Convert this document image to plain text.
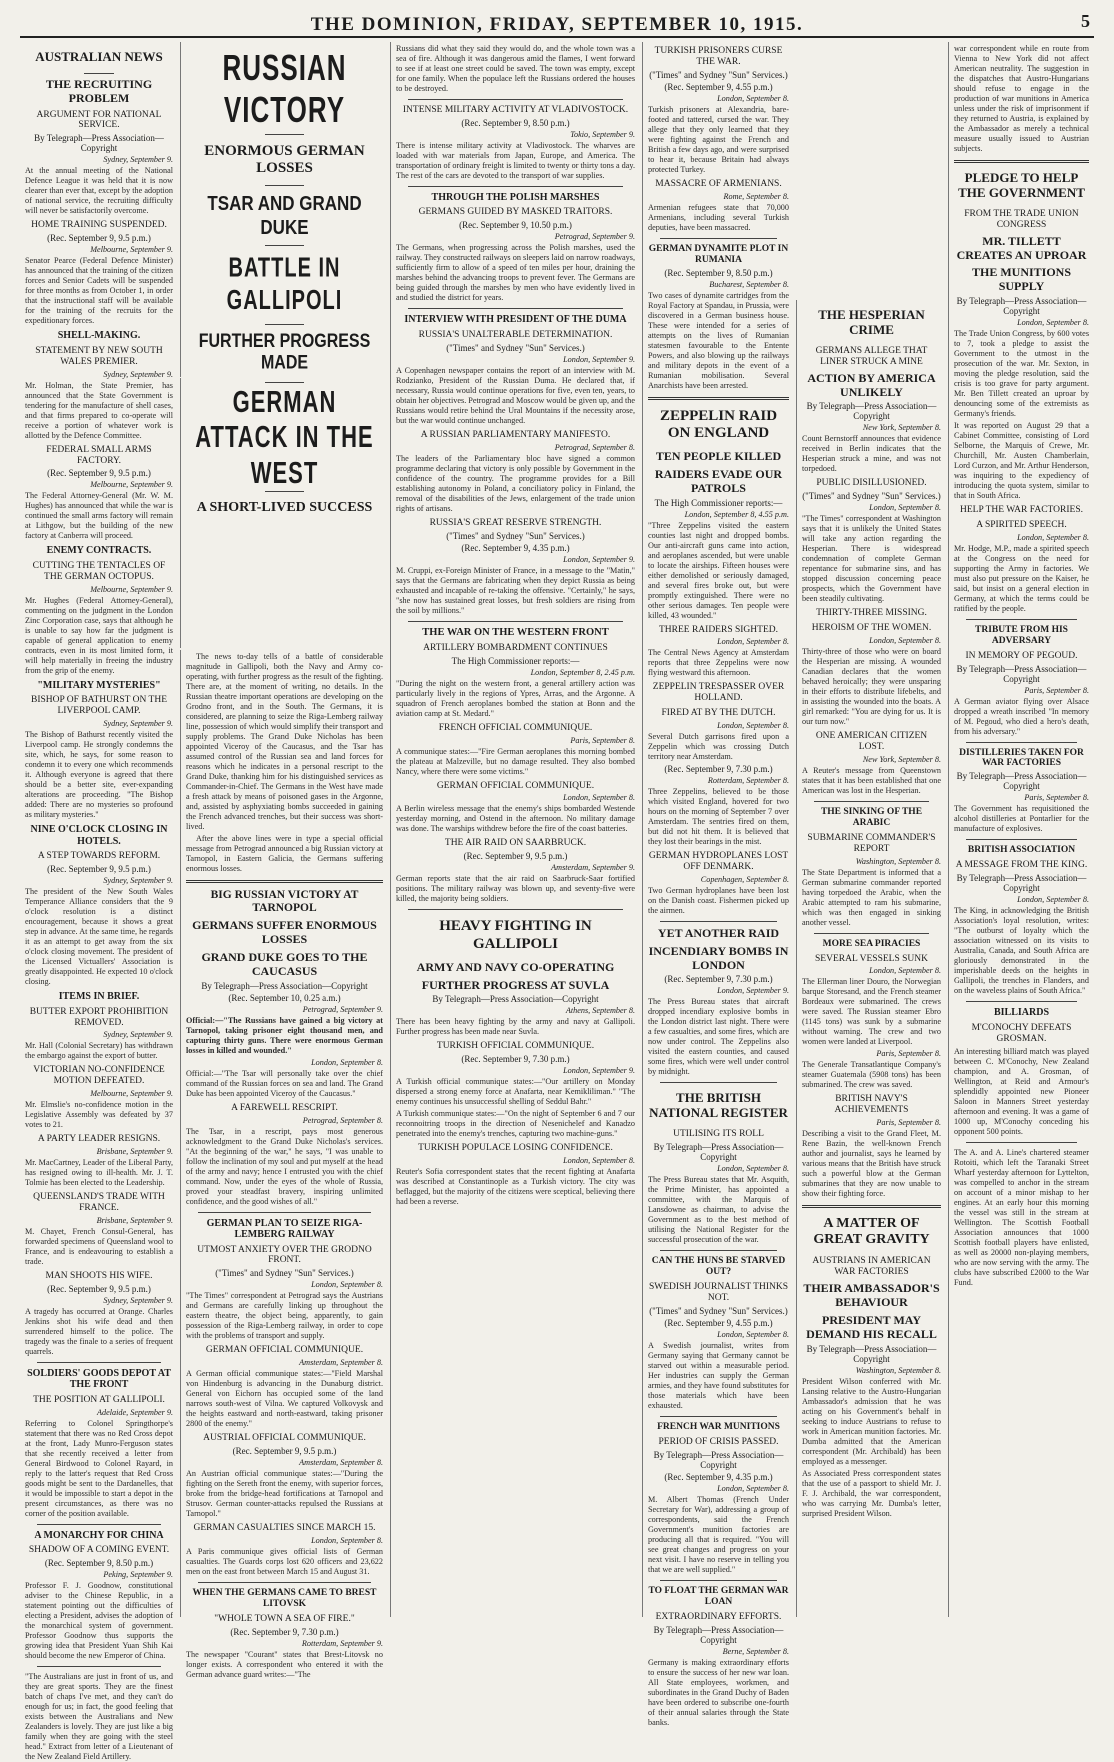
THE DOMINION, FRIDAY, SEPTEMBER 10, 1915.	5
AUSTRALIAN NEWS
THE RECRUITING PROBLEM
ARGUMENT FOR NATIONAL SERVICE.
By Telegraph—Press Association—Copyright
Sydney, September 9.

At the annual meeting of the National Defence League it was held that it is now clearer than ever that, except by the adoption of national service, the recruiting difficulty will never be satisfactorily overcome.

HOME TRAINING SUSPENDED.
(Rec. September 9, 9.5 p.m.)
Melbourne, September 9.

Senator Pearce (Federal Defence Minister) has announced that the training of the citizen forces and Senior Cadets will be suspended for three months as from October 1, in order that the instructional staff will be available for the training of the recruits for the expeditionary forces.

SHELL-MAKING.
STATEMENT BY NEW SOUTH WALES PREMIER.
Sydney, September 9.

Mr. Holman, the State Premier, has announced that the State Government is tendering for the manufacture of shell cases, and that firms prepared to co-operate will receive a portion of whatever work is allotted by the Defence Committee.

FEDERAL SMALL ARMS FACTORY.
(Rec. September 9, 9.5 p.m.)
Melbourne, September 9.

The Federal Attorney-General (Mr. W. M. Hughes) has announced that while the war is continued the small arms factory will remain at Lithgow, but the building of the new factory at Canberra will proceed.

ENEMY CONTRACTS.
CUTTING THE TENTACLES OF THE GERMAN OCTOPUS.
Melbourne, September 9.

Mr. Hughes (Federal Attorney-General), commenting on the judgment in the London Zinc Corporation case, says that although he is unable to say how far the judgment is capable of general application to enemy contracts, even in its most limited form, it will help materially in freeing the industry from the grip of the enemy.

"MILITARY MYSTERIES"
BISHOP OF BATHURST ON THE LIVERPOOL CAMP.
Sydney, September 9.

The Bishop of Bathurst recently visited the Liverpool camp. He strongly condemns the site, which, he says, for some reason to condemn it to every one which recommends it. Although everyone is agreed that there should be a better site, ever-expanding alterations are proceeding. "The Bishop added: There are no mysteries so profound as military mysteries."

NINE O'CLOCK CLOSING IN HOTELS.
A STEP TOWARDS REFORM.
(Rec. September 9, 9.5 p.m.)
Sydney, September 9.

The president of the New South Wales Temperance Alliance considers that the 9 o'clock resolution is a distinct encouragement, because it shows a great step in advance. At the same time, he regards it as an attempt to get away from the six o'clock closing movement. The president of the Licensed Victuallers' Association is greatly disappointed. He expected 10 o'clock closing.

ITEMS IN BRIEF.
BUTTER EXPORT PROHIBITION REMOVED.
Sydney, September 9.

Mr. Hall (Colonial Secretary) has withdrawn the embargo against the export of butter.

VICTORIAN NO-CONFIDENCE MOTION DEFEATED.
Melbourne, September 9.

Mr. Elmslie's no-confidence motion in the Legislative Assembly was defeated by 37 votes to 21.

A PARTY LEADER RESIGNS.
Brisbane, September 9.

Mr. MacCartney, Leader of the Liberal Party, has resigned owing to ill-health. Mr. J. T. Tolmie has been elected to the Leadership.

QUEENSLAND'S TRADE WITH FRANCE.
Brisbane, September 9.

M. Chayet, French Consul-General, has forwarded specimens of Queensland wool to France, and is endeavouring to establish a trade.

MAN SHOOTS HIS WIFE.
(Rec. September 9, 9.5 p.m.)
Sydney, September 9.

A tragedy has occurred at Orange. Charles Jenkins shot his wife dead and then surrendered himself to the police. The tragedy was the finale to a series of frequent quarrels.

SOLDIERS' GOODS DEPOT AT THE FRONT
THE POSITION AT GALLIPOLI.
Adelaide, September 9.

Referring to Colonel Springthorpe's statement that there was no Red Cross depot at the front, Lady Munro-Ferguson states that she recently received a letter from General Birdwood to Colonel Rayard, in reply to the latter's request that Red Cross goods might be sent to the Dardanelles, that it would be impossible to start a depot in the present circumstances, as there was no corner of the position available.

A MONARCHY FOR CHINA
SHADOW OF A COMING EVENT.
(Rec. September 9, 8.50 p.m.)
Peking, September 9.

Professor F. J. Goodnow, constitutional adviser to the Chinese Republic, in a statement pointing out the difficulties of electing a President, advises the adoption of the monarchical system of government. Professor Goodnow thus supports the growing idea that President Yuan Shih Kai should become the new Emperor of China.

"The Australians are just in front of us, and they are great sports. They are the finest batch of chaps I've met, and they can't do enough for us; in fact, the good feeling that exists between the Australians and New Zealanders is lovely. They are just like a big family when they are going with the steel head." Extract from letter of a Lieutenant of the New Zealand Field Artillery.

RUSSIAN VICTORY
ENORMOUS GERMAN LOSSES
TSAR AND GRAND DUKE
BATTLE IN GALLIPOLI
FURTHER PROGRESS MADE
GERMAN ATTACK IN THE WEST
A SHORT-LIVED SUCCESS

Russians did what they said they would do, and the whole town was a sea of fire. Although it was dangerous amid the flames, I went forward to see if at least one street could be saved. The town was empty, except for one family. When the populace left the Russians ordered the houses to be destroyed.

INTENSE MILITARY ACTIVITY AT VLADIVOSTOCK.
(Rec. September 9, 8.50 p.m.)
Tokio, September 9.

There is intense military activity at Vladivostock. The wharves are loaded with war materials from Japan, Europe, and America. The transportation of ordinary freight is limited to twenty or thirty tons a day. The rest of the cars are devoted to the transport of war supplies.

THROUGH THE POLISH MARSHES
GERMANS GUIDED BY MASKED TRAITORS.
(Rec. September 9, 10.50 p.m.)
Petrograd, September 9.

The Germans, when progressing across the Polish marshes, used the railway. They constructed railways on sleepers laid on narrow roadways, sufficiently firm to allow of a speed of ten miles per hour, draining the marshes behind the advancing troops to prevent fever. The Germans are being guided through the marshes by men who have evidently lived in and studied the district for years.

INTERVIEW WITH PRESIDENT OF THE DUMA
RUSSIA'S UNALTERABLE DETERMINATION.
("Times" and Sydney "Sun" Services.)
London, September 9.

A Copenhagen newspaper contains the report of an interview with M. Rodzianko, President of the Russian Duma. He declared that, if necessary, Russia would continue operations for five, even ten, years, to obtain her objectives. Petrograd and Moscow would be given up, and the Russians would retire behind the Ural Mountains if the necessity arose, but the war would continue unchanged.

A RUSSIAN PARLIAMENTARY MANIFESTO.
Petrograd, September 8.

The leaders of the Parliamentary bloc have signed a common programme declaring that victory is only possible by Government in the confidence of the country. The programme provides for a Bill establishing autonomy in Poland, a conciliatory policy in Finland, the removal of the disabilities of the Jews, enlargement of the trade union rights of artisans.

RUSSIA'S GREAT RESERVE STRENGTH.
("Times" and Sydney "Sun" Services.)
(Rec. September 9, 4.35 p.m.)
London, September 9.

M. Cruppi, ex-Foreign Minister of France, in a message to the "Matin," says that the Germans are fabricating when they depict Russia as being exhausted and incapable of re-taking the offensive. "Certainly," he says, "she now has sustained great losses, but fresh soldiers are rising from the soil by millions."

THE WAR ON THE WESTERN FRONT
ARTILLERY BOMBARDMENT CONTINUES
The High Commissioner reports:—
London, September 8, 2.45 p.m.

"During the night on the western front, a general artillery action was particularly lively in the regions of Ypres, Arras, and the Argonne. A squadron of French aeroplanes bombed the station at Bonn and the aviation camp at St. Medard."

FRENCH OFFICIAL COMMUNIQUE.
Paris, September 8.

A communique states:—"Fire German aeroplanes this morning bombed the plateau at Malzeville, but no damage resulted. They also bombed Nancy, where there were some victims."

GERMAN OFFICIAL COMMUNIQUE.
London, September 8.

A Berlin wireless message that the enemy's ships bombarded Westende yesterday morning, and Ostend in the afternoon. No military damage was done. The warships withdrew before the fire of the coast batteries.

THE AIR RAID ON SAARBRUCK.
(Rec. September 9, 9.5 p.m.)
Amsterdam, September 9.

German reports state that the air raid on Saarbruck-Saar fortified positions. The military railway was blown up, and seventy-five were killed, the majority being soldiers.

HEAVY FIGHTING IN GALLIPOLI
ARMY AND NAVY CO-OPERATING
FURTHER PROGRESS AT SUVLA
By Telegraph—Press Association—Copyright
Athens, September 8.

There has been heavy fighting by the army and navy at Gallipoli. Further progress has been made near Suvla.

TURKISH OFFICIAL COMMUNIQUE.
(Rec. September 9, 7.30 p.m.)
London, September 9.

A Turkish official communique states:—"Our artillery on Monday dispersed a strong enemy force at Anafarta, near Kemikliliman." "The enemy continues his unsuccessful shelling of Seddul Bahr."

A Turkish communique states:—"On the night of September 6 and 7 our reconnoitring troops in the direction of Nesenichelef and Kanadzo penetrated into the enemy's trenches, capturing two machine-guns."

TURKISH POPULACE LOSING CONFIDENCE.
London, September 8.

Reuter's Sofia correspondent states that the recent fighting at Anafarta was described at Constantinople as a Turkish victory. The city was beflagged, but the majority of the citizens were sceptical, believing there had been a reverse.

The news to-day tells of a battle of considerable magnitude in Gallipoli, both the Navy and Army co-operating, with further progress as the result of the fighting. There are, at the moment of writing, no details. In the Russian theatre important operations are developing on the Grodno front, and in the South. The Germans, it is considered, are planning to seize the Riga-Lemberg railway line, possession of which would simplify their transport and supply problems. The Grand Duke Nicholas has been appointed Viceroy of the Caucasus, and the Tsar has assumed control of the Russian sea and land forces for reasons which he indicates in a personal rescript to the Grand Duke, thanking him for his distinguished services as Commander-in-Chief. The Germans in the West have made a fresh attack by means of poisoned gases in the Argonne, and, assisted by asphyxiating bombs succeeded in gaining the French advanced trenches, but their success was short-lived.

After the above lines were in type a special official message from Petrograd announced a big Russian victory at Tarnopol, in Eastern Galicia, the Germans suffering enormous losses.

BIG RUSSIAN VICTORY AT TARNOPOL
GERMANS SUFFER ENORMOUS LOSSES
GRAND DUKE GOES TO THE CAUCASUS
By Telegraph—Press Association—Copyright
(Rec. September 10, 0.25 a.m.)
Petrograd, September 9.

Official:—"The Russians have gained a big victory at Tarnopol, taking prisoner eight thousand men, and capturing thirty guns. There were enormous German losses in killed and wounded."

London, September 8.

Official:—"The Tsar will personally take over the chief command of the Russian forces on sea and land. The Grand Duke has been appointed Viceroy of the Caucasus."

A FAREWELL RESCRIPT.
Petrograd, September 8.

The Tsar, in a rescript, pays most generous acknowledgment to the Grand Duke Nicholas's services. "At the beginning of the war," he says, "I was unable to follow the inclination of my soul and put myself at the head of the army and navy; hence I entrusted you with the chief command. Now, under the eyes of the whole of Russia, proved your steadfast bravery, inspiring unlimited confidence, and the good wishes of all."

GERMAN PLAN TO SEIZE RIGA-LEMBERG RAILWAY
UTMOST ANXIETY OVER THE GRODNO FRONT.
("Times" and Sydney "Sun" Services.)
London, September 8.

"The Times" correspondent at Petrograd says the Austrians and Germans are carefully linking up throughout the eastern theatre, the object being, apparently, to gain possession of the Riga-Lemberg railway, in order to cope with the problems of transport and supply.

GERMAN OFFICIAL COMMUNIQUE.
Amsterdam, September 8.

A German official communique states:—"Field Marshal von Hindenburg is advancing in the Dunaburg district. General von Eichorn has occupied some of the land narrows south-west of Vilna. We captured Volkovysk and the heights eastward and north-eastward, taking prisoner 2800 of the enemy."

AUSTRIAL OFFICIAL COMMUNIQUE.
(Rec. September 9, 9.5 p.m.)
Amsterdam, September 8.

An Austrian official communique states:—"During the fighting on the Sereth front the enemy, with superior forces, broke from the bridge-head fortifications at Tarnopol and Strusov. German counter-attacks repulsed the Russians at Tarnopol."

GERMAN CASUALTIES SINCE MARCH 15.
London, September 8.

A Paris communique gives official lists of German casualties. The Guards corps lost 620 officers and 23,622 men on the east front between March 15 and August 31.

WHEN THE GERMANS CAME TO BREST LITOVSK
"WHOLE TOWN A SEA OF FIRE."
(Rec. September 9, 7.30 p.m.)
Rotterdam, September 9.

The newspaper "Courant" states that Brest-Litovsk no longer exists. A correspondent who entered it with the German advance guard writes:—"The

TURKISH PRISONERS CURSE THE WAR.
("Times" and Sydney "Sun" Services.)
(Rec. September 9, 4.55 p.m.)
London, September 8.

Turkish prisoners at Alexandria, bare-footed and tattered, cursed the war. They allege that they only learned that they were fighting against the French and British a few days ago, and were surprised to hear it, because Britain had always protected Turkey.

MASSACRE OF ARMENIANS.
Rome, September 8.

Armenian refugees state that 70,000 Armenians, including several Turkish deputies, have been massacred.

GERMAN DYNAMITE PLOT IN RUMANIA
(Rec. September 9, 8.50 p.m.)
Bucharest, September 8.

Two cases of dynamite cartridges from the Royal Factory at Spandau, in Prussia, were discovered in a German business house. These were intended for a series of attempts on the lives of Rumanian statesmen favourable to the Entente Powers, and also blowing up the railways and military depots in the event of a Rumanian mobilisation. Several Anarchists have been arrested.

ZEPPELIN RAID ON ENGLAND
TEN PEOPLE KILLED
RAIDERS EVADE OUR PATROLS
The High Commissioner reports:—
London, September 8, 4.55 p.m.

"Three Zeppelins visited the eastern counties last night and dropped bombs. Our anti-aircraft guns came into action, and aeroplanes ascended, but were unable to locate the airships. Fifteen houses were either demolished or seriously damaged, and several fires broke out, but were promptly extinguished. There were no other serious damages. Ten people were killed, 43 wounded."

THREE RAIDERS SIGHTED.
London, September 8.

The Central News Agency at Amsterdam reports that three Zeppelins were now flying westward this afternoon.

ZEPPELIN TRESPASSER OVER HOLLAND.
FIRED AT BY THE DUTCH.
London, September 8.

Several Dutch garrisons fired upon a Zeppelin which was crossing Dutch territory near Amsterdam.

(Rec. September 9, 7.30 p.m.)
Rotterdam, September 8.

Three Zeppelins, believed to be those which visited England, hovered for two hours on the morning of September 7 over Amsterdam. The sentries fired on them, but did not hit them. It is believed that they lost their bearings in the mist.

GERMAN HYDROPLANES LOST OFF DENMARK.
Copenhagen, September 8.

Two German hydroplanes have been lost on the Danish coast. Fishermen picked up the airmen.

YET ANOTHER RAID
INCENDIARY BOMBS IN LONDON
(Rec. September 9, 7.30 p.m.)
London, September 9.

The Press Bureau states that aircraft dropped incendiary explosive bombs in the London district last night. There were a few casualties, and some fires, which are now under control. The Zeppelins also visited the eastern counties, and caused some fires, which were well under control by midnight.

THE BRITISH NATIONAL REGISTER
UTILISING ITS ROLL
By Telegraph—Press Association—Copyright
London, September 8.

The Press Bureau states that Mr. Asquith, the Prime Minister, has appointed a committee, with the Marquis of Lansdowne as chairman, to advise the Government as to the best method of utilising the National Register for the successful prosecution of the war.

CAN THE HUNS BE STARVED OUT?
SWEDISH JOURNALIST THINKS NOT.
("Times" and Sydney "Sun" Services.)
(Rec. September 9, 4.55 p.m.)
London, September 8.

A Swedish journalist, writes from Germany saying that Germany cannot be starved out within a measurable period. Her industries can supply the German armies, and they have found substitutes for those materials which have been exhausted.

FRENCH WAR MUNITIONS
PERIOD OF CRISIS PASSED.
By Telegraph—Press Association—Copyright
(Rec. September 9, 4.35 p.m.)
London, September 8.

M. Albert Thomas (French Under Secretary for War), addressing a group of correspondents, said the French Government's munition factories are producing all that is required. "You will see great changes and progress on your next visit. I have no reserve in telling you that we are well supplied."

TO FLOAT THE GERMAN WAR LOAN
EXTRAORDINARY EFFORTS.
By Telegraph—Press Association—Copyright
Berne, September 8.

Germany is making extraordinary efforts to ensure the success of her new war loan. All State employees, workmen, and subordinates in the Grand Duchy of Baden have been ordered to subscribe one-fourth of their annual salaries through the State banks.

THE HESPERIAN CRIME
GERMANS ALLEGE THAT LINER STRUCK A MINE
ACTION BY AMERICA UNLIKELY
By Telegraph—Press Association—Copyright
New York, September 8.

Count Bernstorff announces that evidence received in Berlin indicates that the Hesperian struck a mine, and was not torpedoed.

PUBLIC DISILLUSIONED.
("Times" and Sydney "Sun" Services.)
London, September 8.

"The Times" correspondent at Washington says that it is unlikely the United States will take any action regarding the Hesperian. There is widespread condemnation of complete German repentance for submarine sins, and has stopped discussion concerning peace prospects, which the Government have been steadily cultivating.

THIRTY-THREE MISSING.
HEROISM OF THE WOMEN.
London, September 8.

Thirty-three of those who were on board the Hesperian are missing. A wounded Canadian declares that the women behaved heroically; they were unsparing in their efforts to distribute lifebelts, and in assisting the wounded into the boats. A girl remarked: "You are dying for us. It is our turn now."

ONE AMERICAN CITIZEN LOST.
New York, September 8.

A Reuter's message from Queenstown states that it has been established that one American was lost in the Hesperian.

THE SINKING OF THE ARABIC
SUBMARINE COMMANDER'S REPORT
Washington, September 8.

The State Department is informed that a German submarine commander reported having torpedoed the Arabic, when the Arabic attempted to ram his submarine, which was then engaged in sinking another vessel.

MORE SEA PIRACIES
SEVERAL VESSELS SUNK
London, September 8.

The Ellerman liner Douro, the Norwegian barque Storesand, and the French steamer Bordeaux were submarined. The crews were saved. The Russian steamer Ebro (1145 tons) was sunk by a submarine without warning. The crew and two women were landed at Liverpool.

Paris, September 8.

The Generale Transatlantique Company's steamer Guatemala (5908 tons) has been submarined. The crew was saved.

BRITISH NAVY'S ACHIEVEMENTS
Paris, September 8.

Describing a visit to the Grand Fleet, M. Rene Bazin, the well-known French author and journalist, says he learned by various means that the British have struck such a powerful blow at the German submarines that they are now unable to show their fighting force.

A MATTER OF GREAT GRAVITY
AUSTRIANS IN AMERICAN WAR FACTORIES
THEIR AMBASSADOR'S BEHAVIOUR
PRESIDENT MAY DEMAND HIS RECALL
By Telegraph—Press Association—Copyright
Washington, September 8.

President Wilson conferred with Mr. Lansing relative to the Austro-Hungarian Ambassador's admission that he was acting on his Government's behalf in seeking to induce Austrians to refuse to work in American munition factories. Mr. Dumba admitted that the American correspondent (Mr. Archibald) has been employed as a messenger.

As Associated Press correspondent states that the use of a passport to shield Mr. J. F. J. Archibald, the war correspondent, who was carrying Mr. Dumba's letter, surprised President Wilson.

war correspondent while en route from Vienna to New York did not affect American neutrality. The suggestion in the dispatches that Austro-Hungarians should refuse to engage in the production of war munitions in America unless under the risk of imprisonment if they returned to Austria, is explained by the Ambassador as merely a technical measure usually issued to Austrian subjects.

PLEDGE TO HELP THE GOVERNMENT
FROM THE TRADE UNION CONGRESS
MR. TILLETT CREATES AN UPROAR
THE MUNITIONS SUPPLY
By Telegraph—Press Association—Copyright
London, September 8.

The Trade Union Congress, by 600 votes to 7, took a pledge to assist the Government to the utmost in the prosecution of the war. Mr. Sexton, in moving the pledge resolution, said the crisis is too grave for party argument. Mr. Ben Tillett created an uproar by denouncing some of the extremists as Germany's friends.

It was reported on August 29 that a Cabinet Committee, consisting of Lord Selborne, the Marquis of Crewe, Mr. Churchill, Mr. Austen Chamberlain, Lord Curzon, and Mr. Arthur Henderson, was inquiring to the expediency of introducing the quota system, similar to that in South Africa.

HELP THE WAR FACTORIES.
A SPIRITED SPEECH.
London, September 8.

Mr. Hodge, M.P., made a spirited speech at the Congress on the need for supporting the Army in factories. We must also put pressure on the Kaiser, he said, but insist on a general election in Germany, at which the terms could be ratified by the people.

TRIBUTE FROM HIS ADVERSARY
IN MEMORY OF PEGOUD.
By Telegraph—Press Association—Copyright
Paris, September 8.

A German aviator flying over Alsace dropped a wreath inscribed "In memory of M. Pegoud, who died a hero's death, from his adversary."

DISTILLERIES TAKEN FOR WAR FACTORIES
By Telegraph—Press Association—Copyright
Paris, September 8.

The Government has requisitioned the alcohol distilleries at Pontarlier for the manufacture of explosives.

BRITISH ASSOCIATION
A MESSAGE FROM THE KING.
By Telegraph—Press Association—Copyright
London, September 8.

The King, in acknowledging the British Association's loyal resolution, writes: "The outburst of loyalty which the association witnessed on its visits to Australia, Canada, and South Africa are gloriously demonstrated in the imperishable deeds on the heights in Gallipoli, the trenches in Flanders, and on the waveless plains of South Africa."

BILLIARDS
M'CONOCHY DEFEATS GROSMAN.

An interesting billiard match was played between C. M'Conochy, New Zealand champion, and A. Grosman, of Wellington, at Reid and Armour's splendidly appointed new Pioneer Saloon in Manners Street yesterday afternoon and evening. It was a game of 1000 up, M'Conochy conceding his opponent 500 points.

The A. and A. Line's chartered steamer Rotoiti, which left the Taranaki Street Wharf yesterday afternoon for Lyttelton, was compelled to anchor in the stream on account of a minor mishap to her engines. At an early hour this morning the vessel was still in the stream at Wellington. The Scottish Football Association announces that 1000 Scottish football players have enlisted, as well as 20000 non-playing members, who are now serving with the army. The clubs have subscribed £2000 to the War Fund.
